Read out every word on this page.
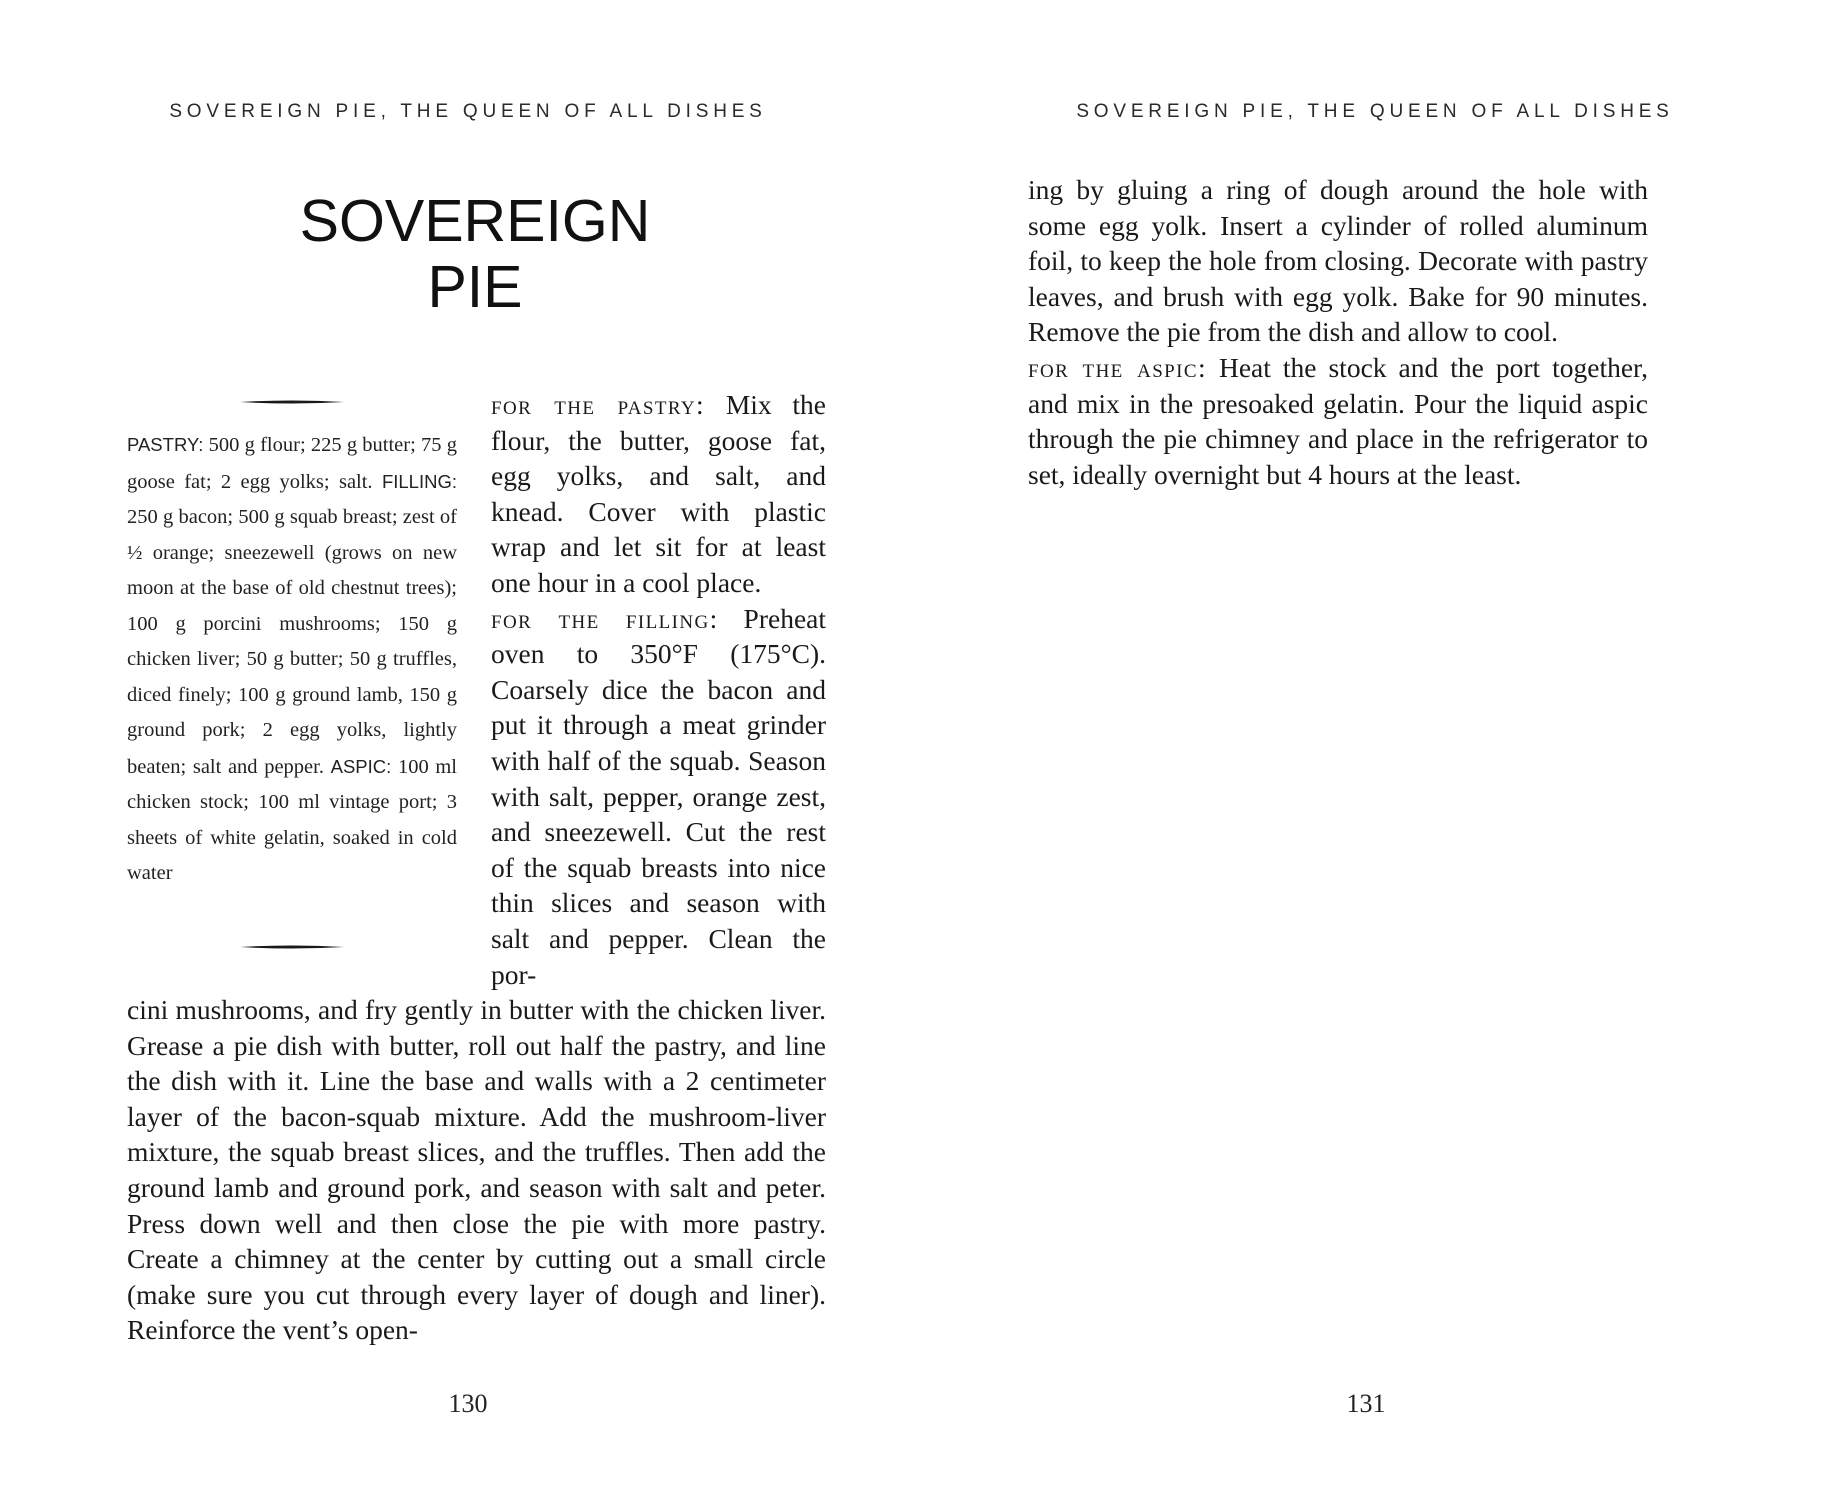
SOVEREIGN PIE, THE QUEEN OF ALL DISHES
SOVEREIGN
PIE
PASTRY: 500 g flour; 225 g butter; 75 g goose fat; 2 egg yolks; salt. FILLING: 250 g bacon; 500 g squab breast; zest of ½ orange; sneezewell (grows on new moon at the base of old chestnut trees); 100 g porcini mushrooms; 150 g chicken liver; 50 g butter; 50 g truffles, diced finely; 100 g ground lamb, 150 g ground pork; 2 egg yolks, lightly beaten; salt and pepper. ASPIC: 100 ml chicken stock; 100 ml vintage port; 3 sheets of white gelatin, soaked in cold water
for the pastry: Mix the flour, the butter, goose fat, egg yolks, and salt, and knead. Cover with plastic wrap and let sit for at least one hour in a cool place.
for the filling: Preheat oven to 350°F (175°C). Coarsely dice the bacon and put it through a meat grinder with half of the squab. Season with salt, pepper, orange zest, and sneezewell. Cut the rest of the squab breasts into nice thin slices and season with salt and pepper. Clean the por-
cini mushrooms, and fry gently in butter with the chicken liver. Grease a pie dish with butter, roll out half the pastry, and line the dish with it. Line the base and walls with a 2 centimeter layer of the bacon-squab mixture. Add the mushroom-liver mixture, the squab breast slices, and the truffles. Then add the ground lamb and ground pork, and season with salt and peter. Press down well and then close the pie with more pastry. Create a chimney at the center by cutting out a small circle (make sure you cut through every layer of dough and liner). Reinforce the vent’s open-
130
SOVEREIGN PIE, THE QUEEN OF ALL DISHES
ing by gluing a ring of dough around the hole with some egg yolk. Insert a cylinder of rolled aluminum foil, to keep the hole from closing. Decorate with pastry leaves, and brush with egg yolk. Bake for 90 minutes. Remove the pie from the dish and allow to cool.
for the aspic: Heat the stock and the port together, and mix in the presoaked gelatin. Pour the liquid aspic through the pie chimney and place in the refrigerator to set, ideally overnight but 4 hours at the least.
131
